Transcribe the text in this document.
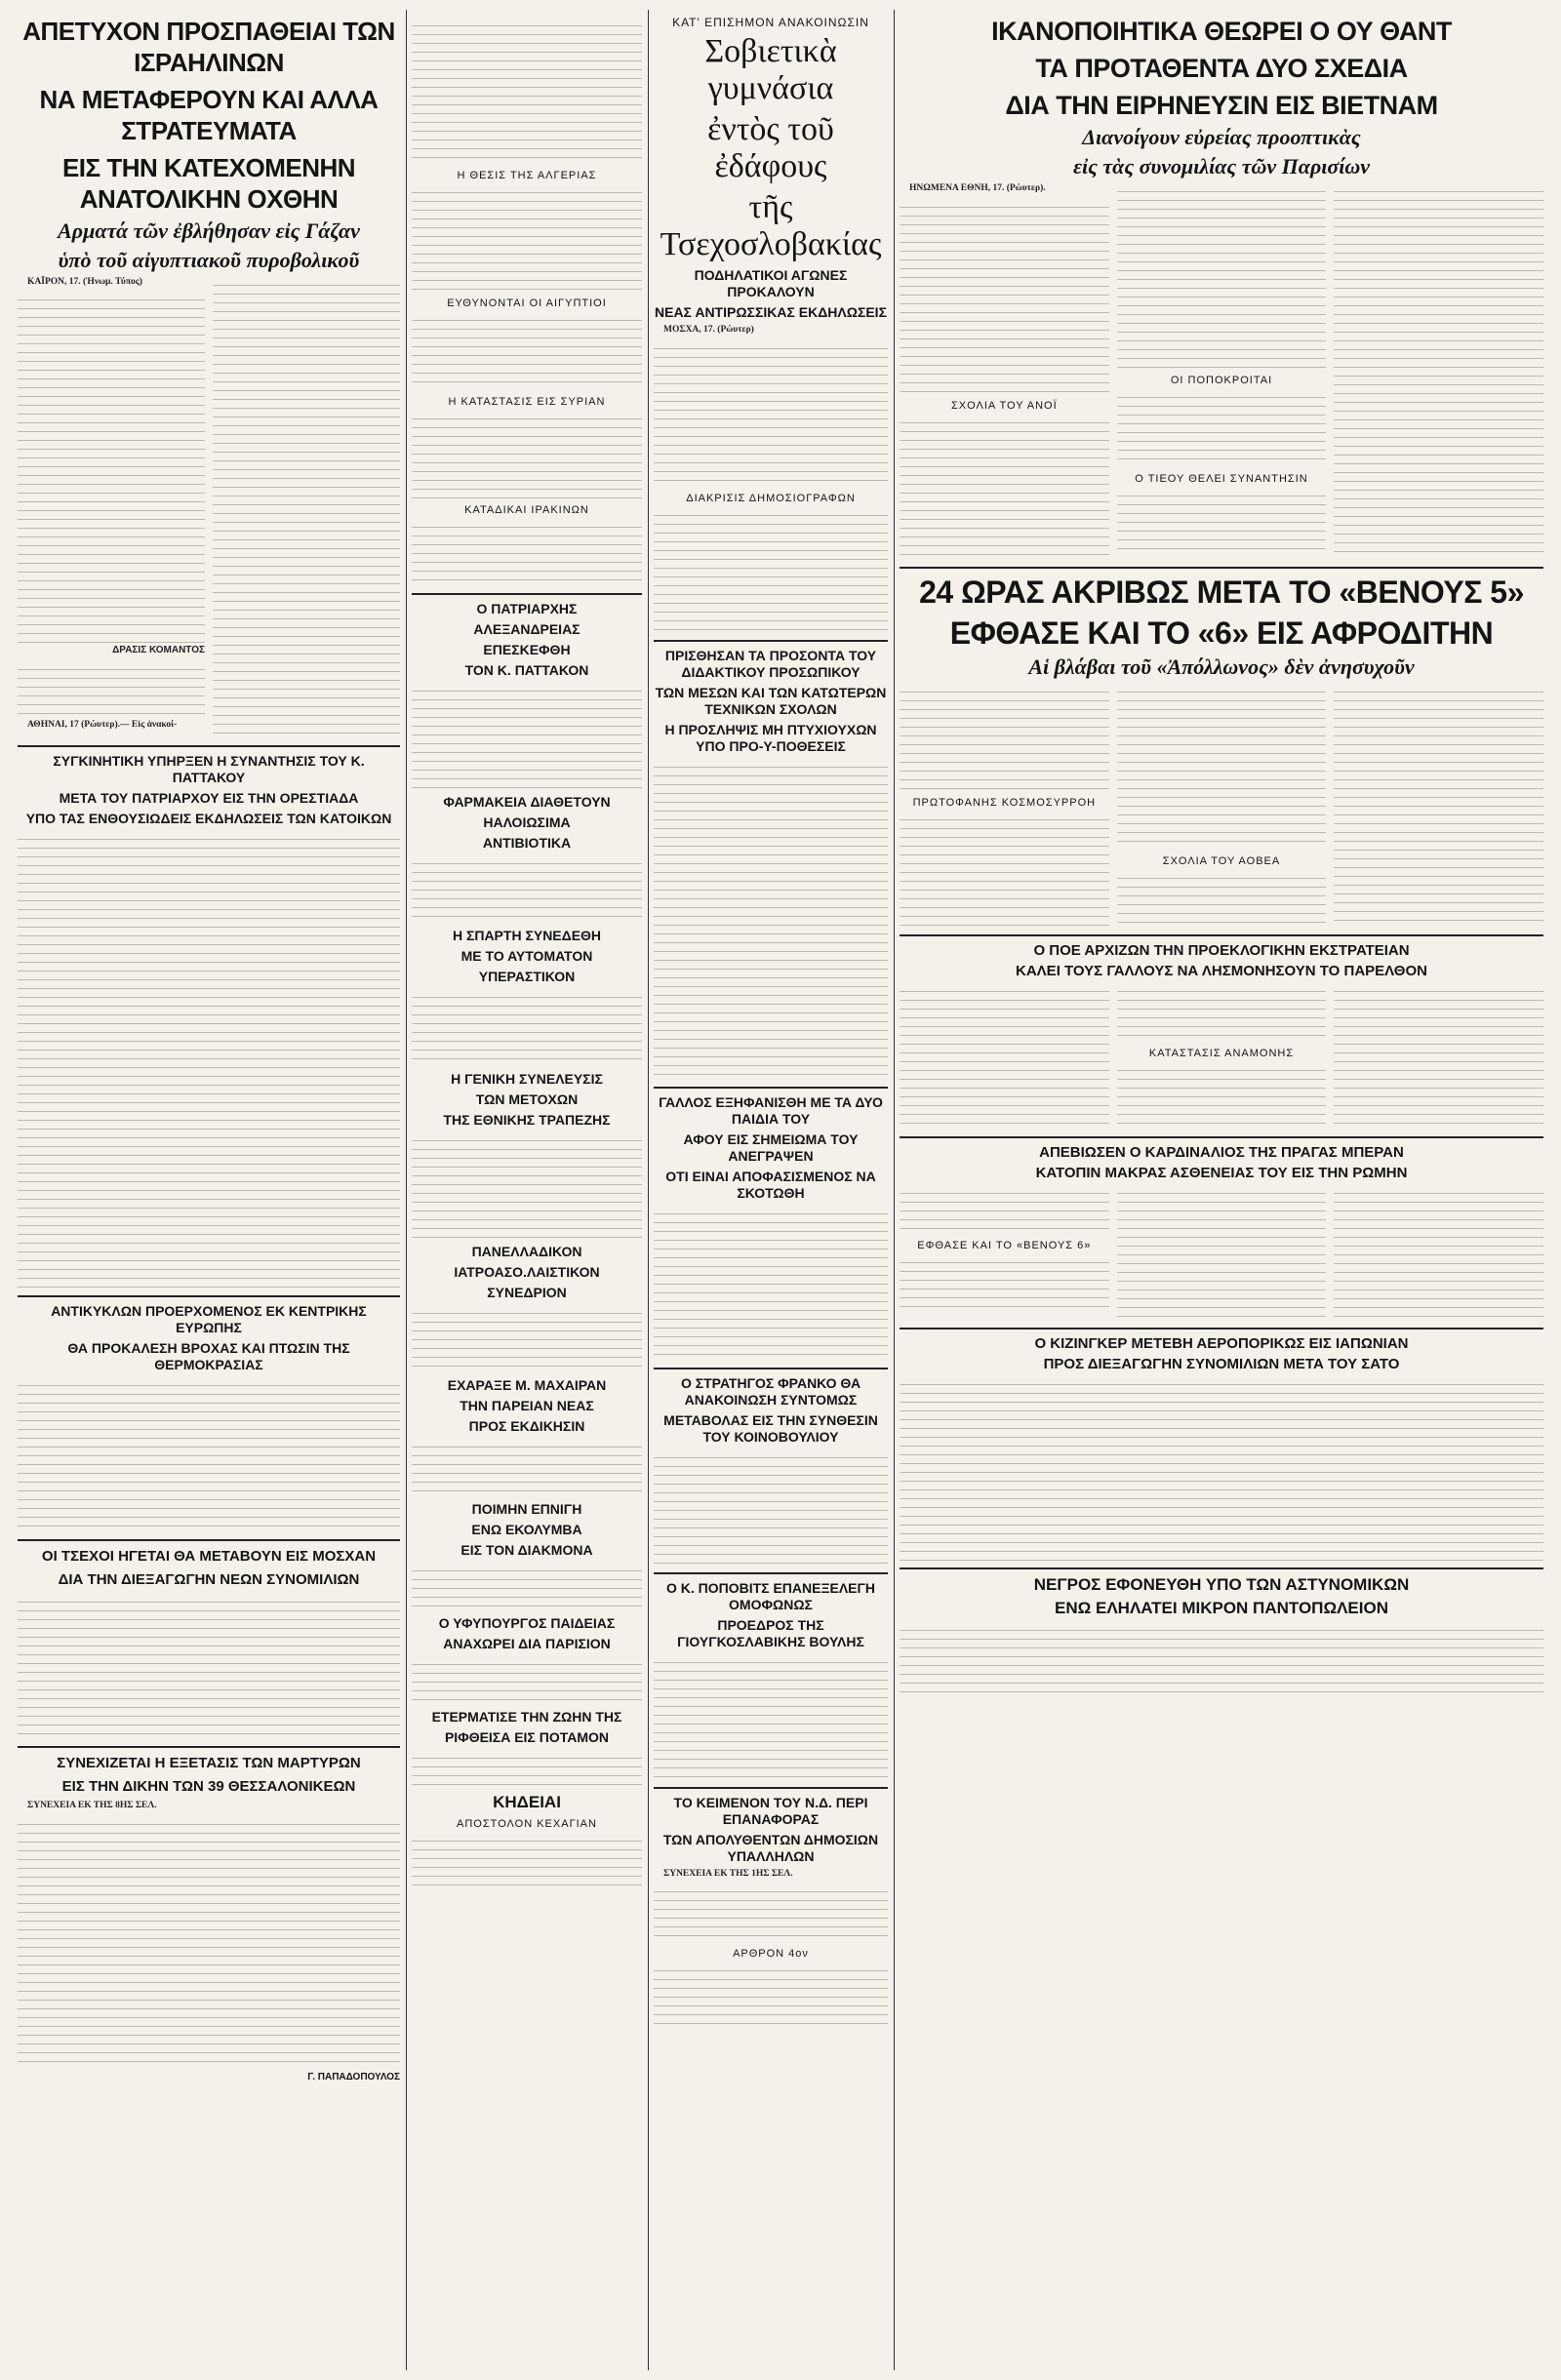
ΑΠΕΤΥΧΟΝ ΠΡΟΣΠΑΘΕΙΑΙ ΤΩΝ ΙΣΡΑΗΛΙΝΩΝ
ΝΑ ΜΕΤΑΦΕΡΟΥΝ ΚΑΙ ΑΛΛΑ ΣΤΡΑΤΕΥΜΑΤΑ
ΕΙΣ ΤΗΝ ΚΑΤΕΧΟΜΕΝΗΝ ΑΝΑΤΟΛΙΚΗΝ ΟΧΘΗΝ
Αρματά τῶν ἐβλήθησαν εἰς Γάζαν
ὑπὸ τοῦ αἰγυπτιακοῦ πυροβολικοῦ

ΚΑΪΡΟΝ, 17. (Ἡνωμ. Τύπος)

ΔΡΑΣΙΣ ΚΟΜΑΝΤΟΣ

ΑΘΗΝΑΙ, 17 (Ρώυτερ).— Εἰς ἀνακοί-

ΣΥΓΚΙΝΗΤΙΚΗ ΥΠΗΡΞΕΝ Η ΣΥΝΑΝΤΗΣΙΣ ΤΟΥ Κ. ΠΑΤΤΑΚΟΥ
ΜΕΤΑ ΤΟΥ ΠΑΤΡΙΑΡΧΟΥ ΕΙΣ ΤΗΝ ΟΡΕΣΤΙΑΔΑ
ΥΠΟ ΤΑΣ ΕΝΘΟΥΣΙΩΔΕΙΣ ΕΚΔΗΛΩΣΕΙΣ ΤΩΝ ΚΑΤΟΙΚΩΝ
ΑΝΤΙΚΥΚΛΩΝ ΠΡΟΕΡΧΟΜΕΝΟΣ ΕΚ ΚΕΝΤΡΙΚΗΣ ΕΥΡΩΠΗΣ
ΘΑ ΠΡΟΚΑΛΕΣΗ ΒΡΟΧΑΣ ΚΑΙ ΠΤΩΣΙΝ ΤΗΣ ΘΕΡΜΟΚΡΑΣΙΑΣ
ΟΙ ΤΣΕΧΟΙ ΗΓΕΤΑΙ ΘΑ ΜΕΤΑΒΟΥΝ ΕΙΣ ΜΟΣΧΑΝ
ΔΙΑ ΤΗΝ ΔΙΕΞΑΓΩΓΗΝ ΝΕΩΝ ΣΥΝΟΜΙΛΙΩΝ
ΣΥΝΕΧΙΖΕΤΑΙ Η ΕΞΕΤΑΣΙΣ ΤΩΝ ΜΑΡΤΥΡΩΝ
ΕΙΣ ΤΗΝ ΔΙΚΗΝ ΤΩΝ 39 ΘΕΣΣΑΛΟΝΙΚΕΩΝ

ΣΥΝΕΧΕΙΑ ΕΚ ΤΗΣ 8ΗΣ ΣΕΛ.

Γ. ΠΑΠΑΔΟΠΟΥΛΟΣ
Η ΘΕΣΙΣ ΤΗΣ ΑΛΓΕΡΙΑΣ
ΕΥΘΥΝΟΝΤΑΙ ΟΙ ΑΙΓΥΠΤΙΟΙ
Η ΚΑΤΑΣΤΑΣΙΣ ΕΙΣ ΣΥΡΙΑΝ
ΚΑΤΑΔΙΚΑΙ ΙΡΑΚΙΝΩΝ
Ο ΠΑΤΡΙΑΡΧΗΣ
ΑΛΕΞΑΝΔΡΕΙΑΣ
ΕΠΕΣΚΕΦΘΗ
ΤΟΝ Κ. ΠΑΤΤΑΚΟΝ
ΦΑΡΜΑΚΕΙΑ ΔΙΑΘΕΤΟΥΝ
ΗΑΛΟΙΩΣΙΜΑ
ΑΝΤΙΒΙΟΤΙΚΑ
Η ΣΠΑΡΤΗ ΣΥΝΕΔΕΘΗ
ΜΕ ΤΟ ΑΥΤΟΜΑΤΟΝ
ΥΠΕΡΑΣΤΙΚΟΝ
Η ΓΕΝΙΚΗ ΣΥΝΕΛΕΥΣΙΣ
ΤΩΝ ΜΕΤΟΧΩΝ
ΤΗΣ ΕΘΝΙΚΗΣ ΤΡΑΠΕΖΗΣ
ΠΑΝΕΛΛΑΔΙΚΟΝ
ΙΑΤΡΟΑΣΟ.ΛΑΙΣΤΙΚΟΝ
ΣΥΝΕΔΡΙΟΝ
ΕΧΑΡΑΞΕ Μ. ΜΑΧΑΙΡΑΝ
ΤΗΝ ΠΑΡΕΙΑΝ ΝΕΑΣ
ΠΡΟΣ ΕΚΔΙΚΗΣΙΝ
ΠΟΙΜΗΝ ΕΠΝΙΓΗ
ΕΝΩ ΕΚΟΛΥΜΒΑ
ΕΙΣ ΤΟΝ ΔΙΑΚΜΟΝΑ
Ο ΥΦΥΠΟΥΡΓΟΣ ΠΑΙΔΕΙΑΣ
ΑΝΑΧΩΡΕΙ ΔΙΑ ΠΑΡΙΣΙΟΝ
ΕΤΕΡΜΑΤΙΣΕ ΤΗΝ ΖΩΗΝ ΤΗΣ
ΡΙΦΘΕΙΣΑ ΕΙΣ ΠΟΤΑΜΟΝ
ΚΗΔΕΙΑΙ
ΑΠΟΣΤΟΛΟΝ ΚΕΧΑΓΙΑΝ
ΚΑΤ' ΕΠΙΣΗΜΟΝ ΑΝΑΚΟΙΝΩΣΙΝ
Σοβιετικὰ γυμνάσια
ἐντὸς τοῦ ἐδάφους
τῆς Τσεχοσλοβακίας
ΠΟΔΗΛΑΤΙΚΟΙ ΑΓΩΝΕΣ ΠΡΟΚΑΛΟΥΝ
ΝΕΑΣ ΑΝΤΙΡΩΣΣΙΚΑΣ ΕΚΔΗΛΩΣΕΙΣ

ΜΟΣΧΑ, 17. (Ρώυτερ)

ΔΙΑΚΡΙΣΙΣ ΔΗΜΟΣΙΟΓΡΑΦΩΝ
ΠΡΙΣΘΗΣΑΝ ΤΑ ΠΡΟΣΟΝΤΑ ΤΟΥ ΔΙΔΑΚΤΙΚΟΥ ΠΡΟΣΩΠΙΚΟΥ
ΤΩΝ ΜΕΣΩΝ ΚΑΙ ΤΩΝ ΚΑΤΩΤΕΡΩΝ ΤΕΧΝΙΚΩΝ ΣΧΟΛΩΝ
Η ΠΡΟΣΛΗΨΙΣ ΜΗ ΠΤΥΧΙΟΥΧΩΝ ΥΠΟ ΠΡΟ-Υ-ΠΟΘΕΣΕΙΣ
ΓΑΛΛΟΣ ΕΞΗΦΑΝΙΣΘΗ ΜΕ ΤΑ ΔΥΟ ΠΑΙΔΙΑ ΤΟΥ
ΑΦΟΥ ΕΙΣ ΣΗΜΕΙΩΜΑ ΤΟΥ ΑΝΕΓΡΑΨΕΝ
ΟΤΙ ΕΙΝΑΙ ΑΠΟΦΑΣΙΣΜΕΝΟΣ ΝΑ ΣΚΟΤΩΘΗ
Ο ΣΤΡΑΤΗΓΟΣ ΦΡΑΝΚΟ ΘΑ ΑΝΑΚΟΙΝΩΣΗ ΣΥΝΤΟΜΩΣ
ΜΕΤΑΒΟΛΑΣ ΕΙΣ ΤΗΝ ΣΥΝΘΕΣΙΝ ΤΟΥ ΚΟΙΝΟΒΟΥΛΙΟΥ
Ο Κ. ΠΟΠΟΒΙΤΣ ΕΠΑΝΕΞΕΛΕΓΗ ΟΜΟΦΩΝΩΣ
ΠΡΟΕΔΡΟΣ ΤΗΣ ΓΙΟΥΓΚΟΣΛΑΒΙΚΗΣ ΒΟΥΛΗΣ
ΤΟ ΚΕΙΜΕΝΟΝ ΤΟΥ Ν.Δ. ΠΕΡΙ ΕΠΑΝΑΦΟΡΑΣ
ΤΩΝ ΑΠΟΛΥΘΕΝΤΩΝ ΔΗΜΟΣΙΩΝ ΥΠΑΛΛΗΛΩΝ

ΣΥΝΕΧΕΙΑ ΕΚ ΤΗΣ 1ΗΣ ΣΕΛ.

ΑΡΘΡΟΝ 4ον
ΙΚΑΝΟΠΟΙΗΤΙΚΑ ΘΕΩΡΕΙ Ο ΟΥ ΘΑΝΤ
ΤΑ ΠΡΟΤΑΘΕΝΤΑ ΔΥΟ ΣΧΕΔΙΑ
ΔΙΑ ΤΗΝ ΕΙΡΗΝΕΥΣΙΝ ΕΙΣ ΒΙΕΤΝΑΜ
Διανοίγουν εὐρείας προοπτικὰς
εἰς τὰς συνομιλίας τῶν Παρισίων

ΗΝΩΜΕΝΑ ΕΘΝΗ, 17. (Ρώυτερ).

ΣΧΟΛΙΑ ΤΟΥ ΑΝΟΪ
ΟΙ ΠΟΠΟΚΡΟΙΤΑΙ
Ο ΤΙΕΟΥ ΘΕΛΕΙ ΣΥΝΑΝΤΗΣΙΝ
24 ΩΡΑΣ ΑΚΡΙΒΩΣ ΜΕΤΑ ΤΟ «ΒΕΝΟΥΣ 5»
ΕΦΘΑΣΕ ΚΑΙ ΤΟ «6» ΕΙΣ ΑΦΡΟΔΙΤΗΝ
Αἱ βλάβαι τοῦ «Ἀπόλλωνος» δὲν ἀνησυχοῦν
ΠΡΩΤΟΦΑΝΗΣ ΚΟΣΜΟΣΥΡΡΟΗ
ΣΧΟΛΙΑ ΤΟΥ ΑΟΒΕΑ
Ο ΠΟΕ ΑΡΧΙΖΩΝ ΤΗΝ ΠΡΟΕΚΛΟΓΙΚΗΝ ΕΚΣΤΡΑΤΕΙΑΝ
ΚΑΛΕΙ ΤΟΥΣ ΓΑΛΛΟΥΣ ΝΑ ΛΗΣΜΟΝΗΣΟΥΝ ΤΟ ΠΑΡΕΛΘΟΝ
ΚΑΤΑΣΤΑΣΙΣ ΑΝΑΜΟΝΗΣ
ΑΠΕΒΙΩΣΕΝ Ο ΚΑΡΔΙΝΑΛΙΟΣ ΤΗΣ ΠΡΑΓΑΣ ΜΠΕΡΑΝ
ΚΑΤΟΠΙΝ ΜΑΚΡΑΣ ΑΣΘΕΝΕΙΑΣ ΤΟΥ ΕΙΣ ΤΗΝ ΡΩΜΗΝ
ΕΦΘΑΣΕ ΚΑΙ ΤΟ «ΒΕΝΟΥΣ 6»
Ο ΚΙΖΙΝΓΚΕΡ ΜΕΤΕΒΗ ΑΕΡΟΠΟΡΙΚΩΣ ΕΙΣ ΙΑΠΩΝΙΑΝ
ΠΡΟΣ ΔΙΕΞΑΓΩΓΗΝ ΣΥΝΟΜΙΛΙΩΝ ΜΕΤΑ ΤΟΥ ΣΑΤΟ
ΝΕΓΡΟΣ ΕΦΟΝΕΥΘΗ ΥΠΟ ΤΩΝ ΑΣΤΥΝΟΜΙΚΩΝ
ΕΝΩ ΕΛΗΛΑΤΕΙ ΜΙΚΡΟΝ ΠΑΝΤΟΠΩΛΕΙΟΝ
